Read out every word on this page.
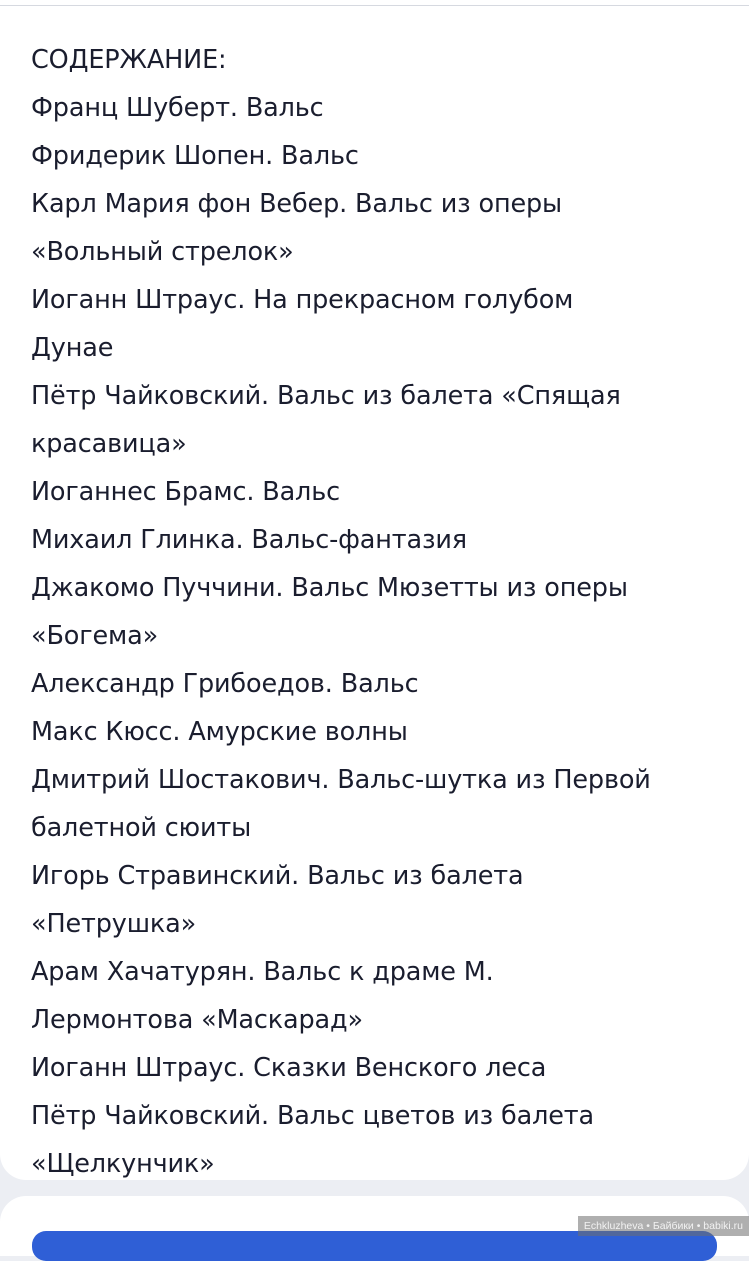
СОДЕРЖАНИЕ:
Франц Шуберт. Вальс
Фридерик Шопен. Вальс
Карл Мария фон Вебер. Вальс из оперы
«Вольный стрелок»
Иоганн Штраус. На прекрасном голубом
Дунае
Пётр Чайковский. Вальс из балета «Спящая
красавица»
Иоганнес Брамс. Вальс
Михаил Глинка. Вальс-фантазия
Джакомо Пуччини. Вальс Мюзетты из оперы
«Богема»
Александр Грибоедов. Вальс
Макс Кюсс. Амурские волны
Дмитрий Шостакович. Вальс-шутка из Первой
балетной сюиты
Игорь Стравинский. Вальс из балета
«Петрушка»
Арам Хачатурян. Вальс к драме М.
Лермонтова «Маскарад»
Иоганн Штраус. Сказки Венского леса
Пётр Чайковский. Вальс цветов из балета
«Щелкунчик»
Echkluzheva • Байбики • babiki.ru
